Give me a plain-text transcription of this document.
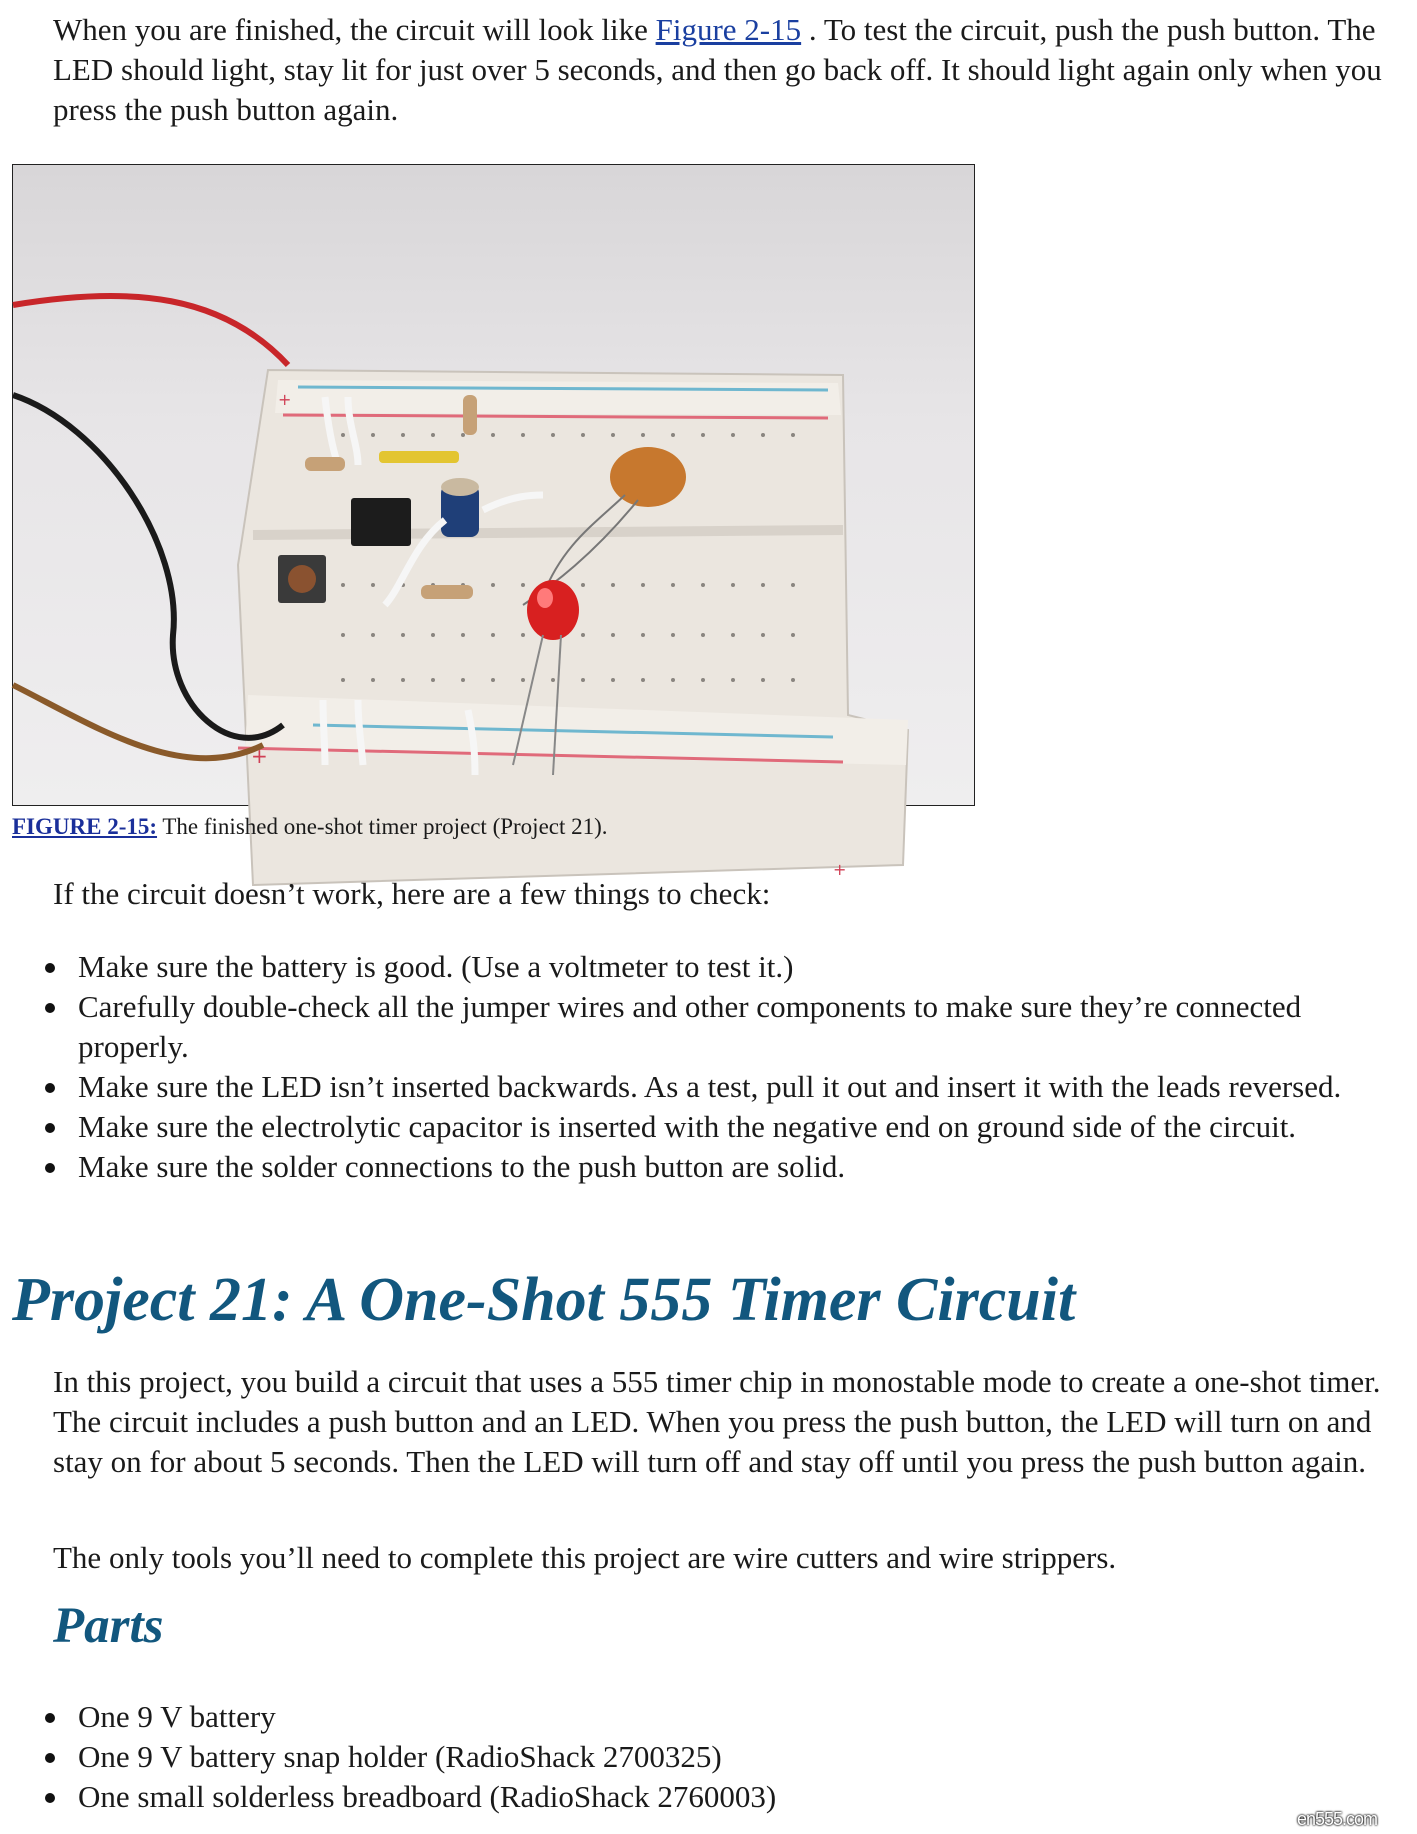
When you are finished, the circuit will look like Figure 2-15 . To test the circuit, push the push button. The LED should light, stay lit for just over 5 seconds, and then go back off. It should light again only when you press the push button again.

+
+
+
FIGURE 2-15: The finished one-shot timer project (Project 21).

If the circuit doesn’t work, here are a few things to check:

Make sure the battery is good. (Use a voltmeter to test it.)
Carefully double-check all the jumper wires and other components to make sure they’re connected properly.
Make sure the LED isn’t inserted backwards. As a test, pull it out and insert it with the leads reversed.
Make sure the electrolytic capacitor is inserted with the negative end on ground side of the circuit.
Make sure the solder connections to the push button are solid.
Project 21: A One-Shot 555 Timer Circuit

In this project, you build a circuit that uses a 555 timer chip in monostable mode to create a one-shot timer. The circuit includes a push button and an LED. When you press the push button, the LED will turn on and stay on for about 5 seconds. Then the LED will turn off and stay off until you press the push button again.

The only tools you’ll need to complete this project are wire cutters and wire strippers.

Parts
One 9 V battery
One 9 V battery snap holder (RadioShack 2700325)
One small solderless breadboard (RadioShack 2760003)
en555.com
